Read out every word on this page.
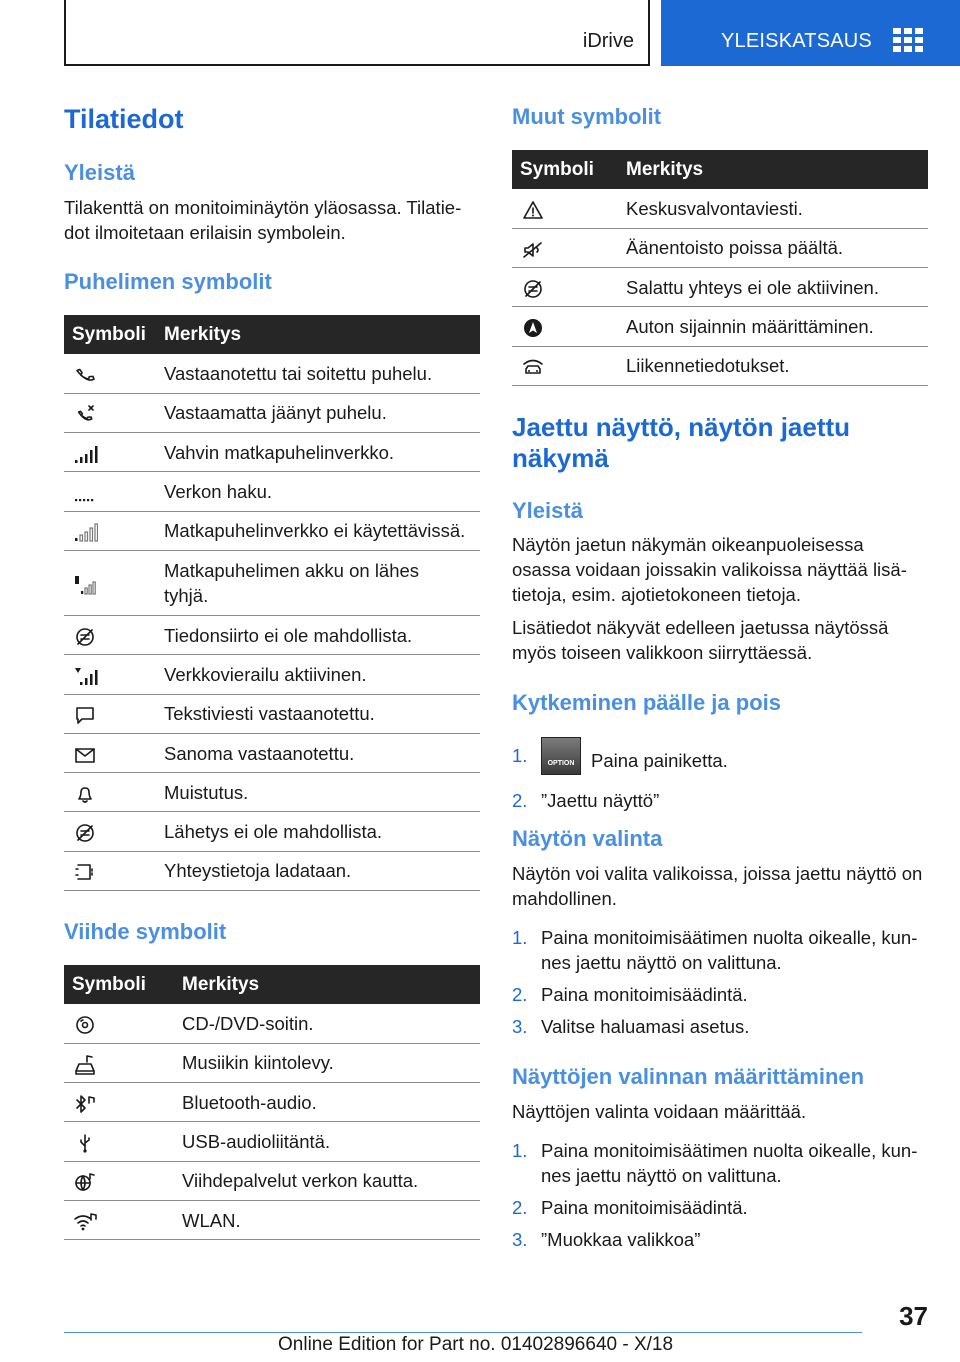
iDrive	YLEISKATSAUS
Tilatiedot
Yleistä

Tilakenttä on monitoiminäytön yläosassa. Tilatie-
dot ilmoitetaan erilaisin symbolein.

Puhelimen symbolit
Symboli	Merkitys

	Vastaanotettu tai soitettu puhelu.

	Vastaamatta jäänyt puhelu.

	Vahvin matkapuhelinverkko.

	Verkon haku.

	Matkapuhelinverkko ei käytettävissä.

	Matkapuhelimen akku on lähes
tyhjä.

	Tiedonsiirto ei ole mahdollista.

	Verkkovierailu aktiivinen.

	Tekstiviesti vastaanotettu.

	Sanoma vastaanotettu.

	Muistutus.

	Lähetys ei ole mahdollista.

	Yhteystietoja ladataan.
Viihde symbolit
Symboli	Merkitys

	CD-/DVD-soitin.

	Musiikin kiintolevy.

	Bluetooth-audio.

	USB-audioliitäntä.

	Viihdepalvelut verkon kautta.

	WLAN.
Muut symbolit
Symboli	Merkitys

	Keskusvalvontaviesti.

	Äänentoisto poissa päältä.

	Salattu yhteys ei ole aktiivinen.

	Auton sijainnin määrittäminen.

	Liikennetiedotukset.
Jaettu näyttö, näytön jaettu
näkymä
Yleistä

Näytön jaetun näkymän oikeanpuoleisessa
osassa voidaan joissakin valikoissa näyttää lisä-
tietoja, esim. ajotietokoneen tietoja.

Lisätiedot näkyvät edelleen jaetussa näytössä
myös toiseen valikkoon siirryttäessä.

Kytkeminen päälle ja pois
1.	OPTION Paina painiketta.
2. ”Jaettu näyttö”
Näytön valinta

Näytön voi valita valikoissa, joissa jaettu näyttö on
mahdollinen.

1. Paina monitoimisäätimen nuolta oikealle, kun-
nes jaettu näyttö on valittuna.
2. Paina monitoimisäädintä.
3. Valitse haluamasi asetus.
Näyttöjen valinnan määrittäminen

Näyttöjen valinta voidaan määrittää.

1. Paina monitoimisäätimen nuolta oikealle, kun-
nes jaettu näyttö on valittuna.
2. Paina monitoimisäädintä.
3. ”Muokkaa valikkoa”
37
Online Edition for Part no. 01402896640 - X/18
